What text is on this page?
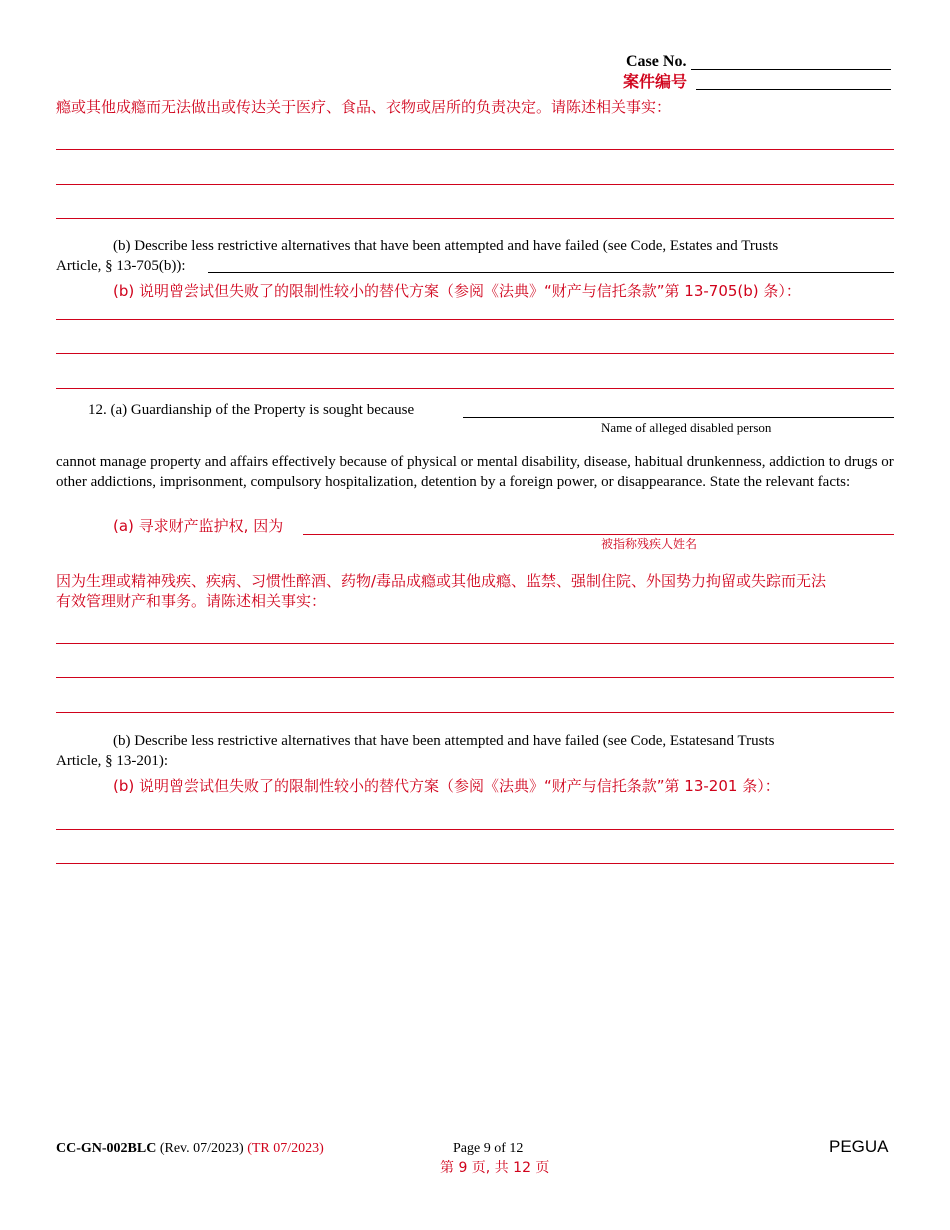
Case No.
案件编号
瘾或其他成瘾而无法做出或传达关于医疗、食品、衣物或居所的负责决定。请陈述相关事实：
(b) Describe less restrictive alternatives that have been attempted and have failed (see Code, Estates and Trusts
Article, § 13-705(b)):
(b) 说明曾尝试但失败了的限制性较小的替代方案（参阅《法典》“财产与信托条款”第 13-705(b) 条）：
12. (a) Guardianship of the Property is sought because
Name of alleged disabled person
cannot manage property and affairs effectively because of physical or mental disability, disease, habitual drunkenness, addiction to drugs or other addictions, imprisonment, compulsory hospitalization, detention by a foreign power, or disappearance. State the relevant facts:
(a) 寻求财产监护权, 因为
被指称残疾人姓名
因为生理或精神残疾、疾病、习惯性醉酒、药物/毒品成瘾或其他成瘾、监禁、强制住院、外国势力拘留或失踪而无法
有效管理财产和事务。请陈述相关事实：
(b) Describe less restrictive alternatives that have been attempted and have failed (see Code, Estatesand Trusts
Article, § 13-201):
(b) 说明曾尝试但失败了的限制性较小的替代方案（参阅《法典》“财产与信托条款”第 13-201 条）：
CC-GN-002BLC (Rev. 07/2023) (TR 07/2023)	Page 9 of 12
第 9 页, 共 12 页
PEGUA
